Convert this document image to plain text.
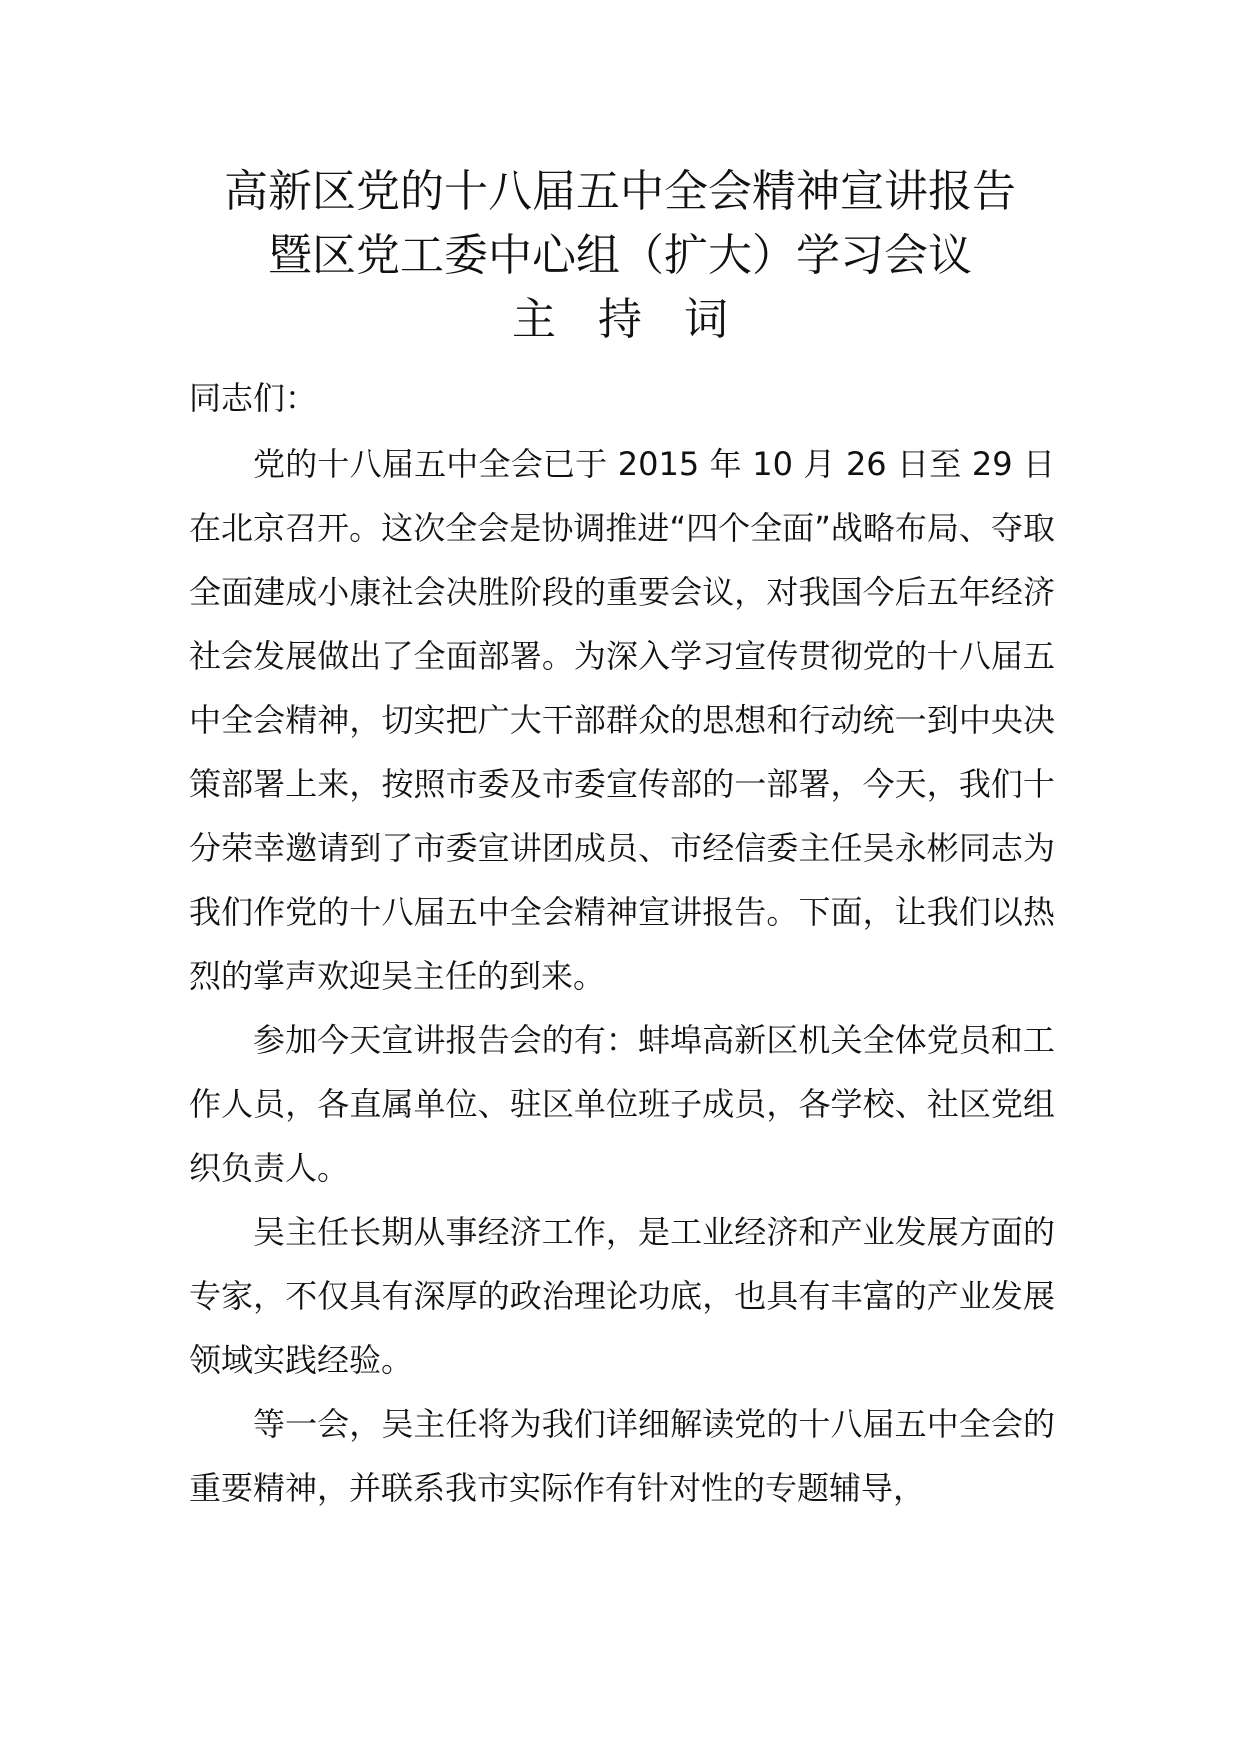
高新区党的十八届五中全会精神宣讲报告
暨区党工委中心组（扩大）学习会议
主 持 词

同志们：

党的十八届五中全会已于 2015 年 10 月 26 日至 29 日在北京召开。这次全会是协调推进“四个全面”战略布局、夺取全面建成小康社会决胜阶段的重要会议，对我国今后五年经济社会发展做出了全面部署。为深入学习宣传贯彻党的十八届五中全会精神，切实把广大干部群众的思想和行动统一到中央决策部署上来，按照市委及市委宣传部的一部署，今天，我们十分荣幸邀请到了市委宣讲团成员、市经信委主任吴永彬同志为我们作党的十八届五中全会精神宣讲报告。下面，让我们以热烈的掌声欢迎吴主任的到来。

参加今天宣讲报告会的有：蚌埠高新区机关全体党员和工作人员，各直属单位、驻区单位班子成员，各学校、社区党组织负责人。

吴主任长期从事经济工作，是工业经济和产业发展方面的专家，不仅具有深厚的政治理论功底，也具有丰富的产业发展领域实践经验。

等一会，吴主任将为我们详细解读党的十八届五中全会的重要精神，并联系我市实际作有针对性的专题辅导，
